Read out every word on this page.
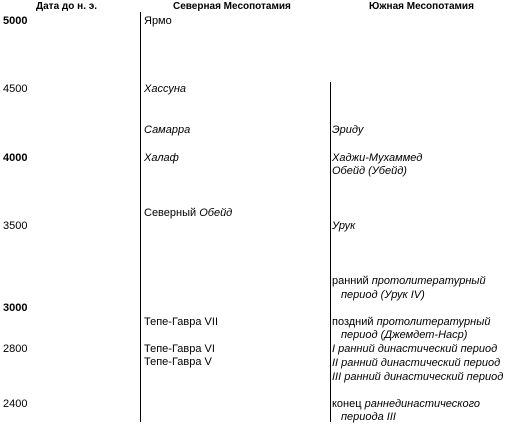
Дата до н. э.	Северная Месопотамия	Южная Месопотамия
5000
4500
4000
3500
3000
2800
2400
Ярмо
Хассуна
Самарра
Халаф
Северный Обейд
Тепе-Гавра VII
Тепе-Гавра VI
Тепе-Гавра V
Эриду
Хаджи-Мухаммед
Обейд (Убейд)
Урук
ранний протолитературный
период (Урук IV)
поздний протолитературный
период (Джемдет-Наср)
I ранний династический период
II ранний династический период
III ранний династический период
конец раннединастического
периода III
